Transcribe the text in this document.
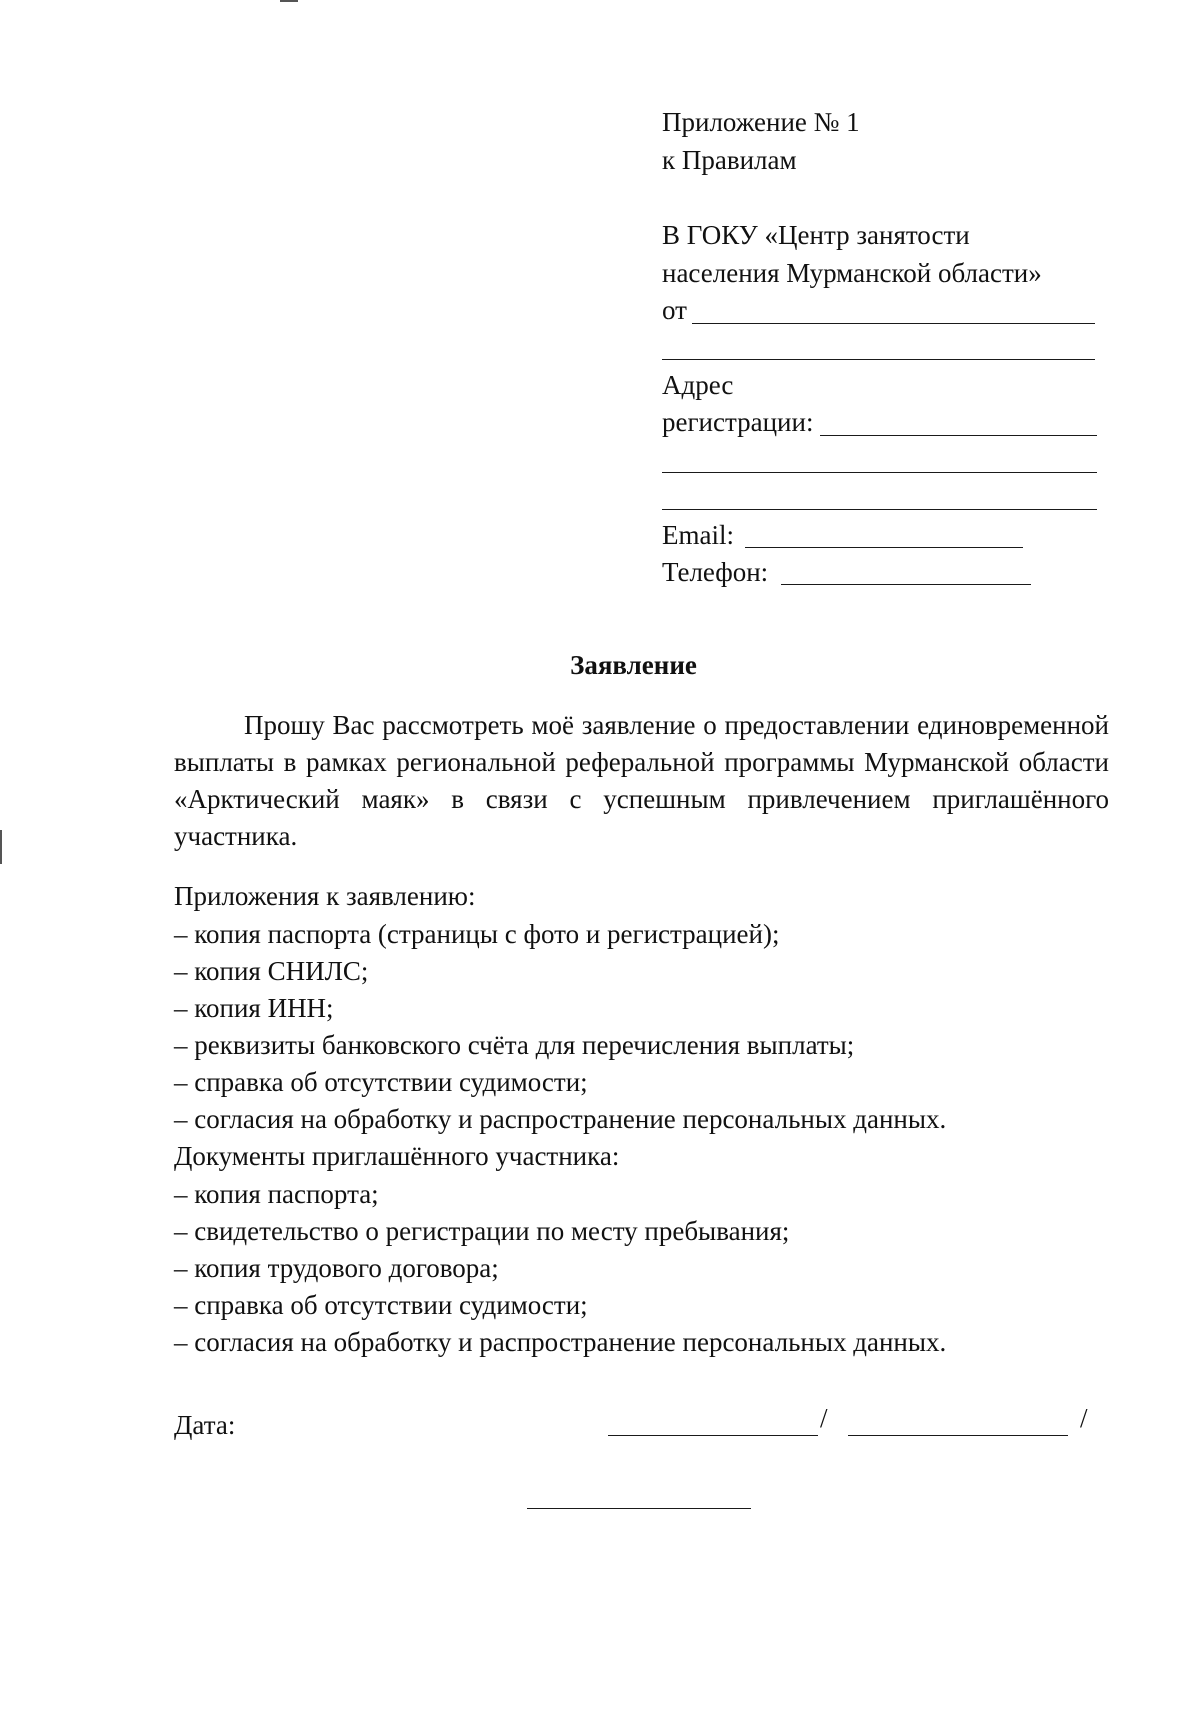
Приложение № 1
к Правилам
В ГОКУ «Центр занятости
населения Мурманской области»
от
Адрес
регистрации:
Email:
Телефон:
Заявление
Прошу Вас рассмотреть моё заявление о предоставлении единовременной выплаты в рамках региональной реферальной программы Мурманской области «Арктический маяк» в связи с успешным привлечением приглашённого участника.
Приложения к заявлению:
– копия паспорта (страницы с фото и регистрацией);
– копия СНИЛС;
– копия ИНН;
– реквизиты банковского счёта для перечисления выплаты;
– справка об отсутствии судимости;
– согласия на обработку и распространение персональных данных.
Документы приглашённого участника:
– копия паспорта;
– свидетельство о регистрации по месту пребывания;
– копия трудового договора;
– справка об отсутствии судимости;
– согласия на обработку и распространение персональных данных.
Дата:	/	/
